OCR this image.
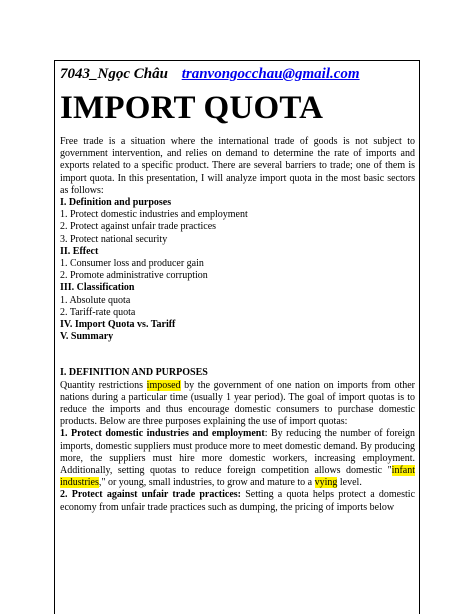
7043_Ngọc Châu tranvongocchau@gmail.com
IMPORT QUOTA

Free trade is a situation where the international trade of goods is not subject to government intervention, and relies on demand to determine the rate of imports and exports related to a specific product. There are several barriers to trade; one of them is import quota. In this presentation, I will analyze import quota in the most basic sectors as follows:

I. Definition and purposes
1. Protect domestic industries and employment
2. Protect against unfair trade practices
3. Protect national security
II. Effect
1. Consumer loss and producer gain
2. Promote administrative corruption
III. Classification
1. Absolute quota
2. Tariff-rate quota
IV. Import Quota vs. Tariff
V. Summary
I. DEFINITION AND PURPOSES

Quantity restrictions imposed by the government of one nation on imports from other nations during a particular time (usually 1 year period). The goal of import quotas is to reduce the imports and thus encourage domestic consumers to purchase domestic products. Below are three purposes explaining the use of import quotas:

1. Protect domestic industries and employment: By reducing the number of foreign imports, domestic suppliers must produce more to meet domestic demand. By producing more, the suppliers must hire more domestic workers, increasing employment. Additionally, setting quotas to reduce foreign competition allows domestic "infant industries," or young, small industries, to grow and mature to a vying level.

2. Protect against unfair trade practices: Setting a quota helps protect a domestic economy from unfair trade practices such as dumping, the pricing of imports below
